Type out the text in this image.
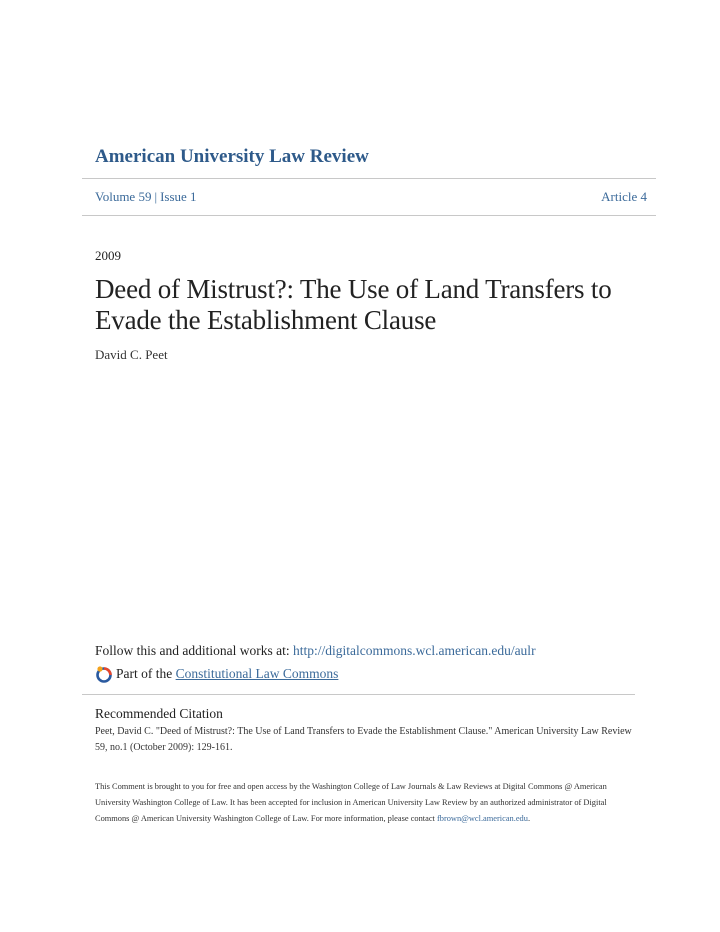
American University Law Review
Volume 59 | Issue 1	Article 4
2009
Deed of Mistrust?: The Use of Land Transfers to
Evade the Establishment Clause
David C. Peet
Follow this and additional works at: http://digitalcommons.wcl.american.edu/aulr
Part of the
Constitutional Law Commons
Recommended Citation
Peet, David C. "Deed of Mistrust?: The Use of Land Transfers to Evade the Establishment Clause." American University Law Review 59, no.1 (October 2009): 129-161.
This Comment is brought to you for free and open access by the Washington College of Law Journals & Law Reviews at Digital Commons @ American University Washington College of Law. It has been accepted for inclusion in American University Law Review by an authorized administrator of Digital Commons @ American University Washington College of Law. For more information, please contact fbrown@wcl.american.edu.
